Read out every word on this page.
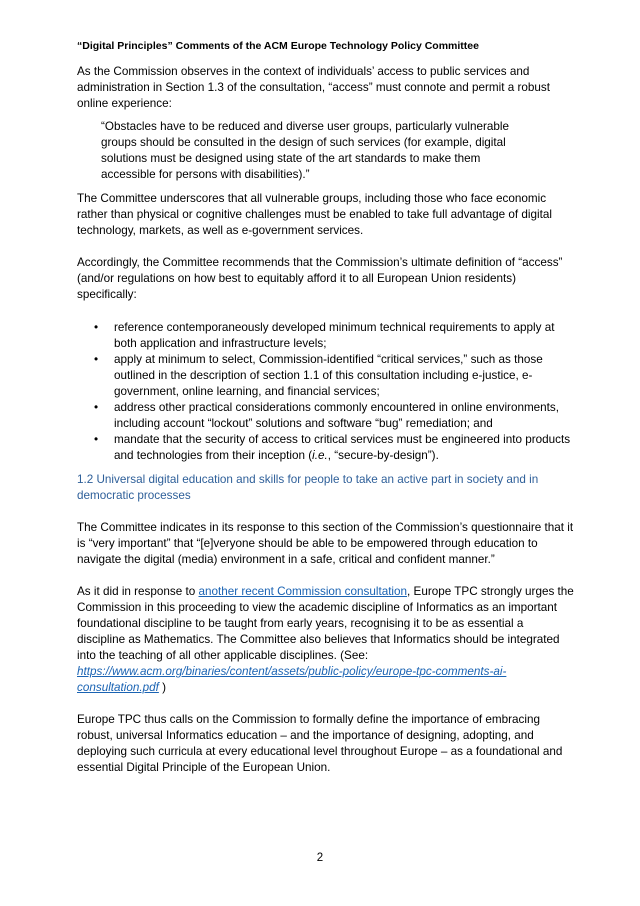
“Digital Principles” Comments of the ACM Europe Technology Policy Committee

As the Commission observes in the context of individuals’ access to public services and administration in Section 1.3 of the consultation, “access” must connote and permit a robust online experience:

“Obstacles have to be reduced and diverse user groups, particularly vulnerable groups should be consulted in the design of such services (for example, digital solutions must be designed using state of the art standards to make them accessible for persons with disabilities).”

The Committee underscores that all vulnerable groups, including those who face economic rather than physical or cognitive challenges must be enabled to take full advantage of digital technology, markets, as well as e-government services.

Accordingly, the Committee recommends that the Commission’s ultimate definition of “access” (and/or regulations on how best to equitably afford it to all European Union residents) specifically:

• reference contemporaneously developed minimum technical requirements to apply at both application and infrastructure levels;
• apply at minimum to select, Commission-identified “critical services,” such as those outlined in the description of section 1.1 of this consultation including e-justice, e-government, online learning, and financial services;
• address other practical considerations commonly encountered in online environments, including account “lockout” solutions and software “bug” remediation; and
• mandate that the security of access to critical services must be engineered into products and technologies from their inception (i.e., “secure-by-design”).

1.2 Universal digital education and skills for people to take an active part in society and in democratic processes

The Committee indicates in its response to this section of the Commission’s questionnaire that it is “very important” that “[e]veryone should be able to be empowered through education to navigate the digital (media) environment in a safe, critical and confident manner.”

As it did in response to another recent Commission consultation, Europe TPC strongly urges the Commission in this proceeding to view the academic discipline of Informatics as an important foundational discipline to be taught from early years, recognising it to be as essential a discipline as Mathematics. The Committee also believes that Informatics should be integrated into the teaching of all other applicable disciplines. (See: https://www.acm.org/binaries/content/assets/public-policy/europe-tpc-comments-ai-consultation.pdf )

Europe TPC thus calls on the Commission to formally define the importance of embracing robust, universal Informatics education – and the importance of designing, adopting, and deploying such curricula at every educational level throughout Europe – as a foundational and essential Digital Principle of the European Union.

2
